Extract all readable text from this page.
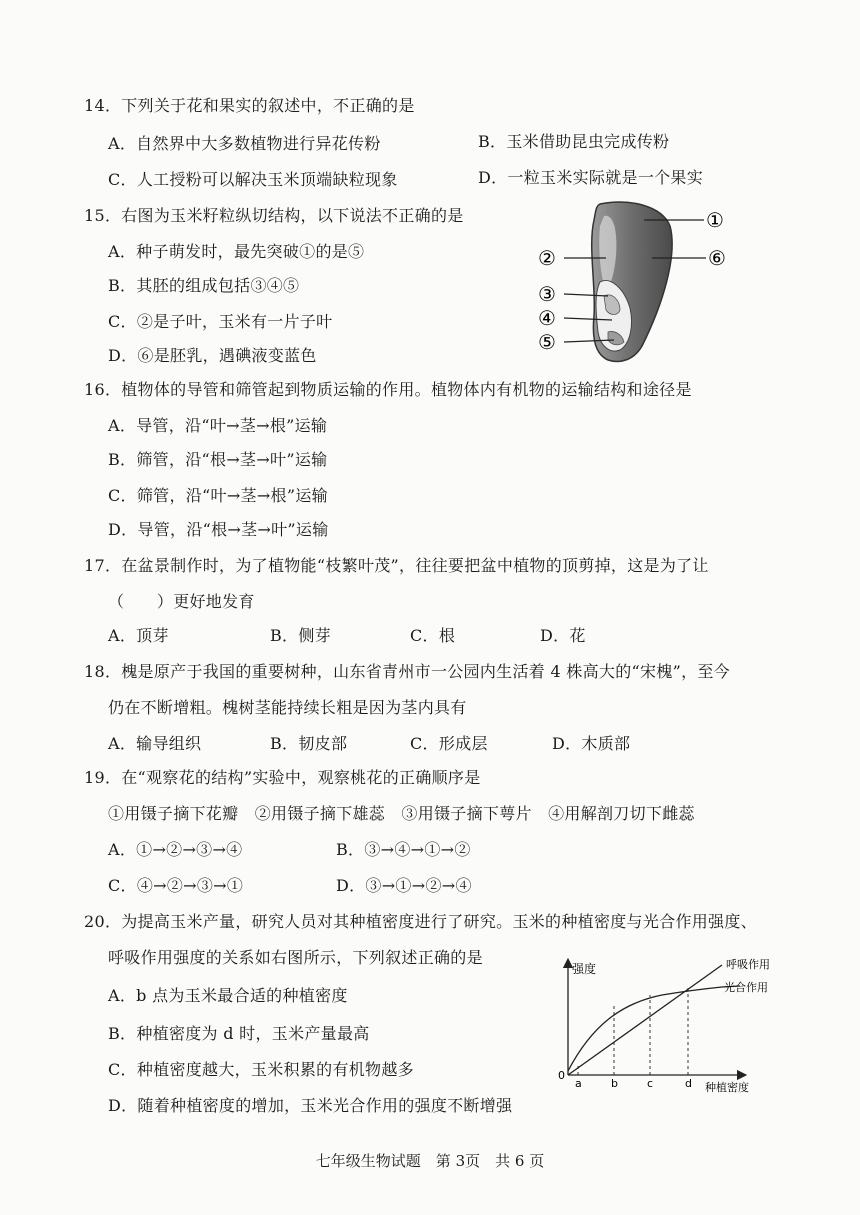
14．下列关于花和果实的叙述中，不正确的是
A．自然界中大多数植物进行异花传粉	B．玉米借助昆虫完成传粉
C．人工授粉可以解决玉米顶端缺粒现象	D．一粒玉米实际就是一个果实
15．右图为玉米籽粒纵切结构，以下说法不正确的是
A．种子萌发时，最先突破①的是⑤
B．其胚的组成包括③④⑤
C．②是子叶，玉米有一片子叶
D．⑥是胚乳，遇碘液变蓝色
①
②
③
④
⑤
⑥
16．植物体的导管和筛管起到物质运输的作用。植物体内有机物的运输结构和途径是
A．导管，沿“叶→茎→根”运输
B．筛管，沿“根→茎→叶”运输
C．筛管，沿“叶→茎→根”运输
D．导管，沿“根→茎→叶”运输
17．在盆景制作时，为了植物能“枝繁叶茂”，往往要把盆中植物的顶剪掉，这是为了让
（　　）更好地发育
A．顶芽	B．侧芽	C．根	D．花
18．槐是原产于我国的重要树种，山东省青州市一公园内生活着 4 株高大的“宋槐”，至今
仍在不断增粗。槐树茎能持续长粗是因为茎内具有
A．输导组织	B．韧皮部	C．形成层	D．木质部
19．在“观察花的结构”实验中，观察桃花的正确顺序是
①用镊子摘下花瓣　②用镊子摘下雄蕊　③用镊子摘下萼片　④用解剖刀切下雌蕊
A．①→②→③→④	B．③→④→①→②
C．④→②→③→①	D．③→①→②→④
20．为提高玉米产量，研究人员对其种植密度进行了研究。玉米的种植密度与光合作用强度、
呼吸作用强度的关系如右图所示，下列叙述正确的是
A．b 点为玉米最合适的种植密度
B．种植密度为 d 时，玉米产量最高
C．种植密度越大，玉米积累的有机物越多
D．随着种植密度的增加，玉米光合作用的强度不断增强
强度
0
种植密度
a	b	c	d
呼吸作用
光合作用
七年级生物试题　第 3页　共 6 页
